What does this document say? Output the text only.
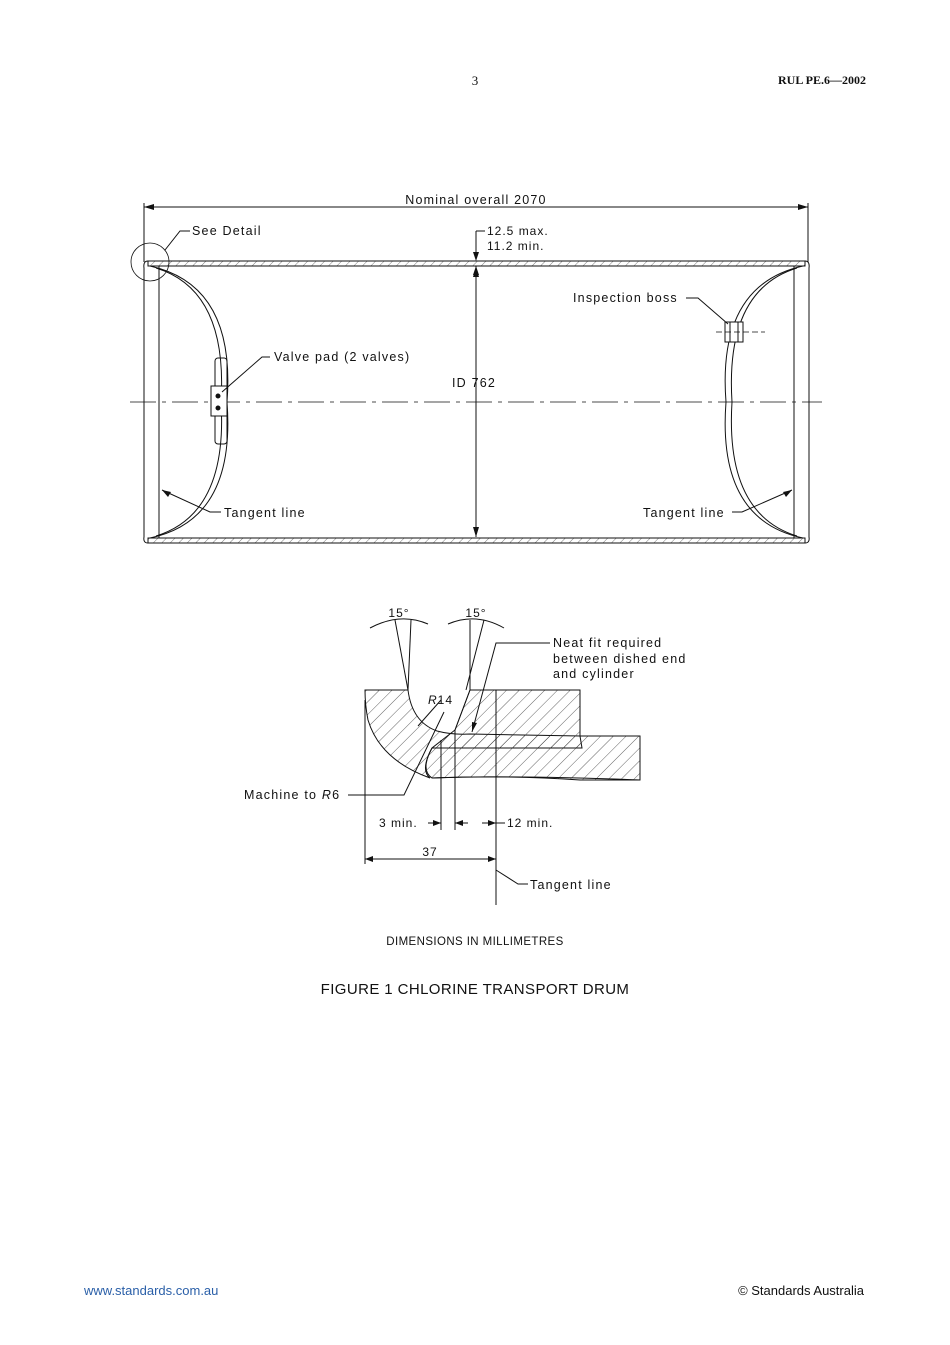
3	RUL PE.6—2002
Nominal overall 2070
See Detail	12.5 max.
11.2 min.
Inspection boss
Valve pad (2 valves)
ID 762
Tangent line	Tangent line
15°	15°
Neat fit required
between dished end
and cylinder
R14
Machine to R6
3 min.	12 min.
37
Tangent line
DIMENSIONS IN MILLIMETRES
FIGURE 1 CHLORINE TRANSPORT DRUM
www.standards.com.au	© Standards Australia
